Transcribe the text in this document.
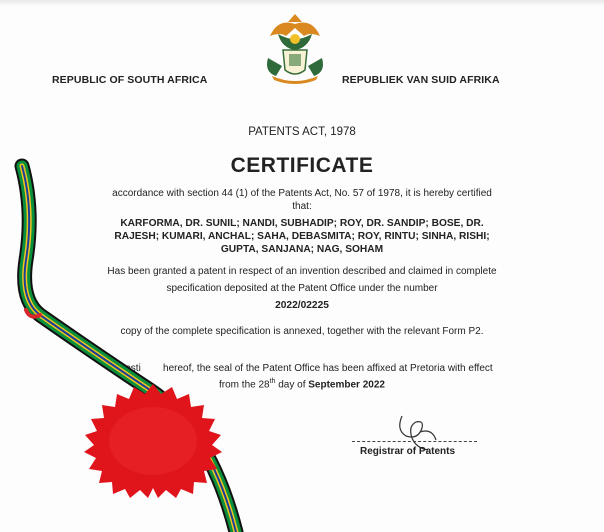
REPUBLIC OF SOUTH AFRICA	REPUBLIEK VAN SUID AFRIKA
PATENTS ACT, 1978
CERTIFICATE
accordance with section 44 (1) of the Patents Act, No. 57 of 1978, it is hereby certified
that:
KARFORMA, DR. SUNIL; NANDI, SUBHADIP; ROY, DR. SANDIP; BOSE, DR.
RAJESH; KUMARI, ANCHAL; SAHA, DEBASMITA; ROY, RINTU; SINHA, RISHI;
GUPTA, SANJANA; NAG, SOHAM
Has been granted a patent in respect of an invention described and claimed in complete
specification deposited at the Patent Office under the number
2022/02225
copy of the complete specification is annexed, together with the relevant Form P2.
In testi        hereof, the seal of the Patent Office has been affixed at Pretoria with effect
from the 28th day of September 2022
Registrar of Patents
